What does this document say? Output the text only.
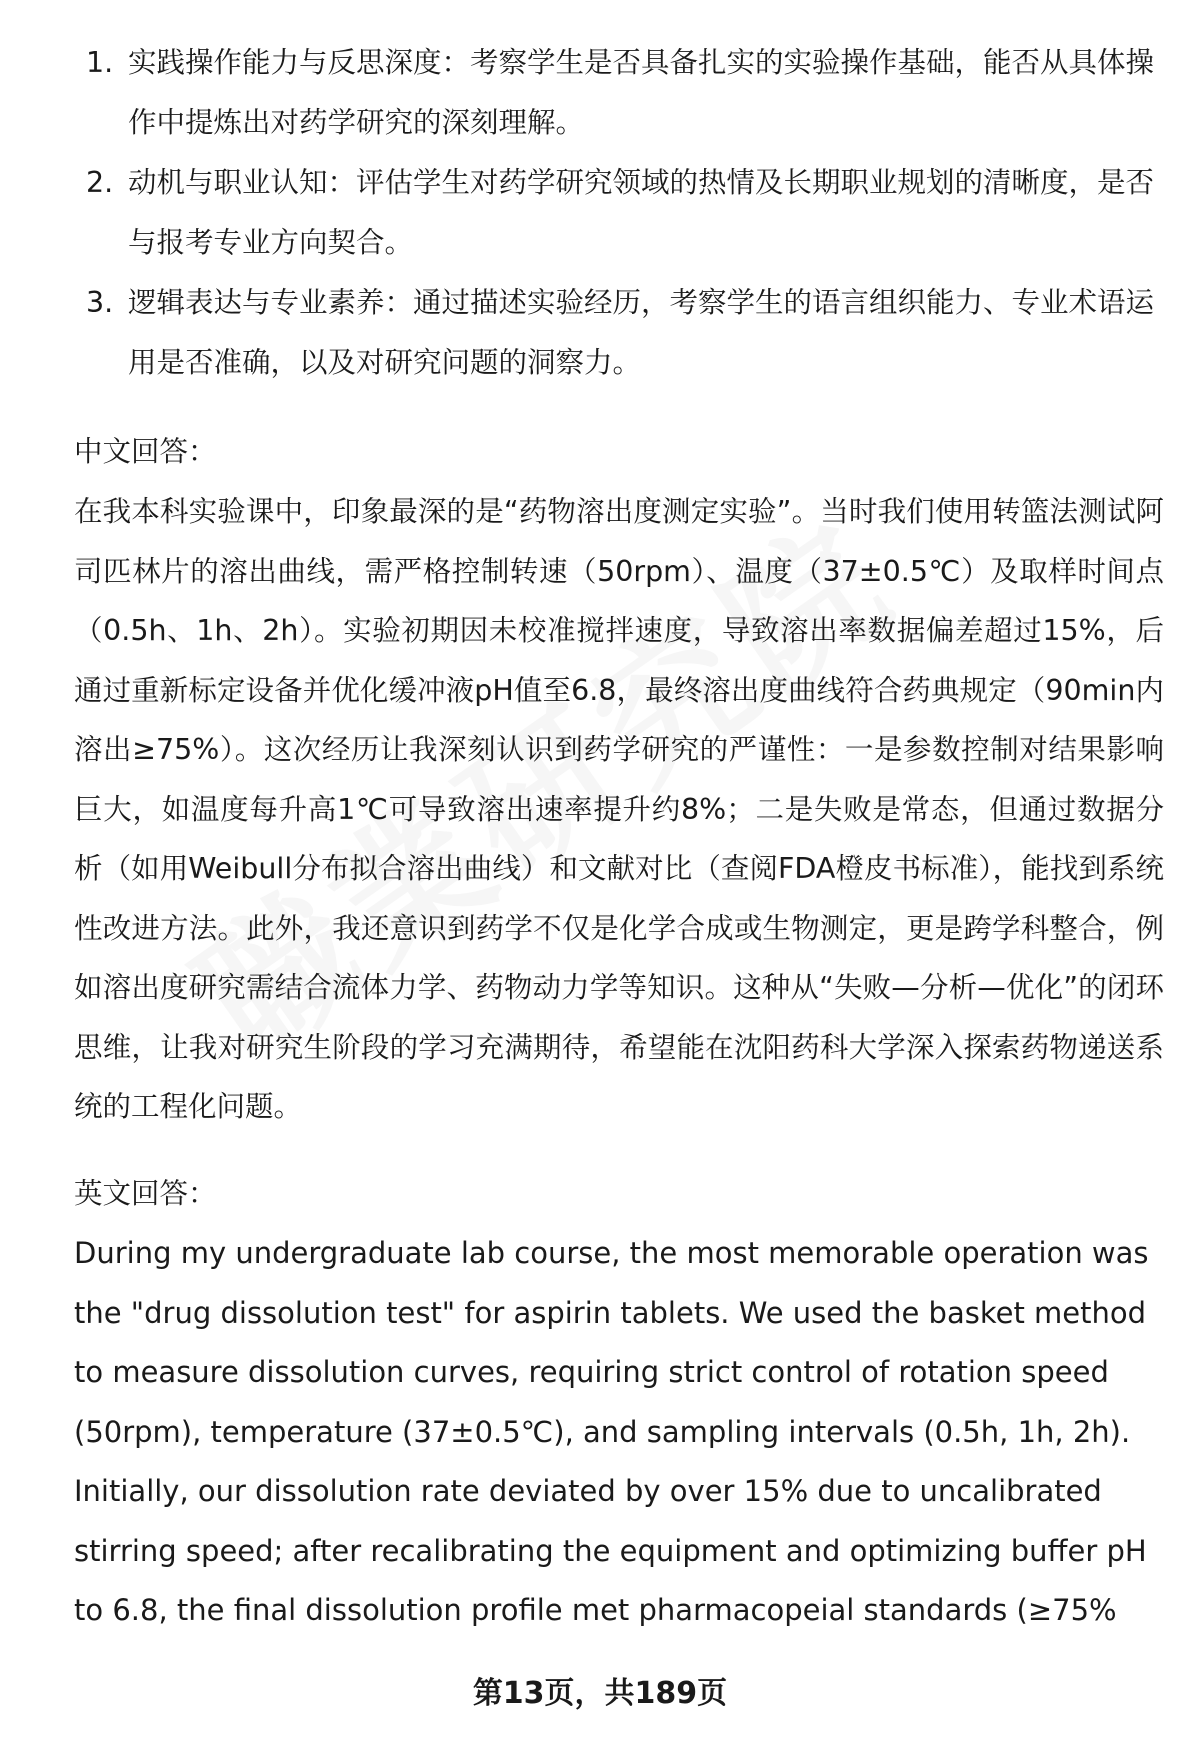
1. 实践操作能力与反思深度：考察学生是否具备扎实的实验操作基础，能否从具体操作中提炼出对药学研究的深刻理解。
2. 动机与职业认知：评估学生对药学研究领域的热情及长期职业规划的清晰度，是否与报考专业方向契合。
3. 逻辑表达与专业素养：通过描述实验经历，考察学生的语言组织能力、专业术语运用是否准确，以及对研究问题的洞察力。

中文回答：

在我本科实验课中，印象最深的是“药物溶出度测定实验”。当时我们使用转篮法测试阿司匹林片的溶出曲线，需严格控制转速（50rpm）、温度（37±0.5℃）及取样时间点（0.5h、1h、2h）。实验初期因未校准搅拌速度，导致溶出率数据偏差超过15%，后通过重新标定设备并优化缓冲液pH值至6.8，最终溶出度曲线符合药典规定（90min内溶出≥75%）。这次经历让我深刻认识到药学研究的严谨性：一是参数控制对结果影响巨大，如温度每升高1℃可导致溶出速率提升约8%；二是失败是常态，但通过数据分析（如用Weibull分布拟合溶出曲线）和文献对比（查阅FDA橙皮书标准），能找到系统性改进方法。此外，我还意识到药学不仅是化学合成或生物测定，更是跨学科整合，例如溶出度研究需结合流体力学、药物动力学等知识。这种从“失败—分析—优化”的闭环思维，让我对研究生阶段的学习充满期待，希望能在沈阳药科大学深入探索药物递送系统的工程化问题。

英文回答：

During my undergraduate lab course, the most memorable operation was the "drug dissolution test" for aspirin tablets. We used the basket method to measure dissolution curves, requiring strict control of rotation speed (50rpm), temperature (37±0.5℃), and sampling intervals (0.5h, 1h, 2h). Initially, our dissolution rate deviated by over 15% due to uncalibrated stirring speed; after recalibrating the equipment and optimizing buffer pH to 6.8, the final dissolution profile met pharmacopeial standards (≥75%

第13页，共189页
